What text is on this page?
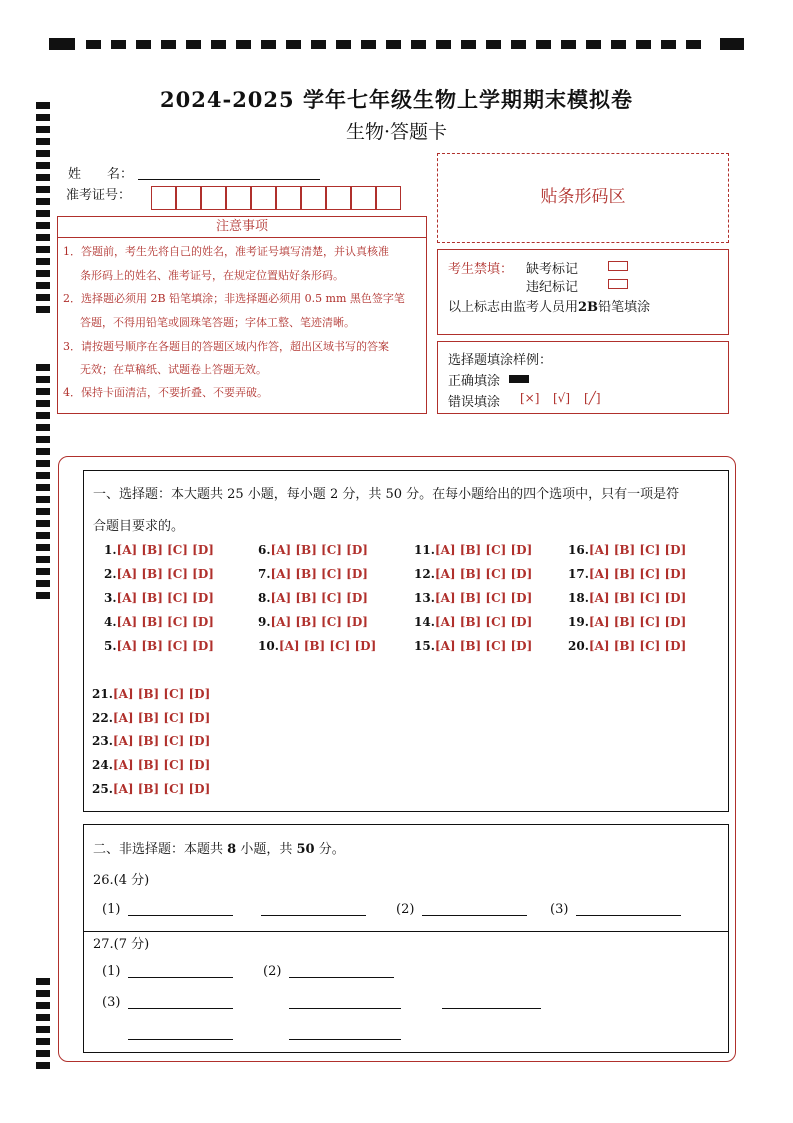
2024-2025 学年七年级生物上学期期末模拟卷
生物·答题卡
姓　　名：
准考证号：
注意事项
1．答题前，考生先将自己的姓名，准考证号填写清楚，并认真核准
条形码上的姓名、准考证号，在规定位置贴好条形码。
2．选择题必须用 2B 铅笔填涂；非选择题必须用 0.5 mm 黑色签字笔
答题，不得用铅笔或圆珠笔答题；字体工整、笔迹清晰。
3．请按题号顺序在各题目的答题区域内作答，超出区域书写的答案
无效；在草稿纸、试题卷上答题无效。
4．保持卡面清洁，不要折叠、不要弄破。
贴条形码区
考生禁填： 缺考标记
违纪标记
以上标志由监考人员用2B铅笔填涂
选择题填涂样例：
正确填涂
错误填涂 [×] [√] [╱]
一、选择题：本大题共 25 小题，每小题 2 分，共 50 分。在每小题给出的四个选项中，只有一项是符
合题目要求的。
1.[A] [B] [C] [D]
2.[A] [B] [C] [D]
3.[A] [B] [C] [D]
4.[A] [B] [C] [D]
5.[A] [B] [C] [D]
6.[A] [B] [C] [D]
7.[A] [B] [C] [D]
8.[A] [B] [C] [D]
9.[A] [B] [C] [D]
10.[A] [B] [C] [D]
11.[A] [B] [C] [D]
12.[A] [B] [C] [D]
13.[A] [B] [C] [D]
14.[A] [B] [C] [D]
15.[A] [B] [C] [D]
16.[A] [B] [C] [D]
17.[A] [B] [C] [D]
18.[A] [B] [C] [D]
19.[A] [B] [C] [D]
20.[A] [B] [C] [D]
21.[A] [B] [C] [D]
22.[A] [B] [C] [D]
23.[A] [B] [C] [D]
24.[A] [B] [C] [D]
25.[A] [B] [C] [D]
二、非选择题：本题共 8 小题，共 50 分。
26.(4 分)
27.(7 分)
(1)	(2)	(3)
(1)	(2)
(3)
